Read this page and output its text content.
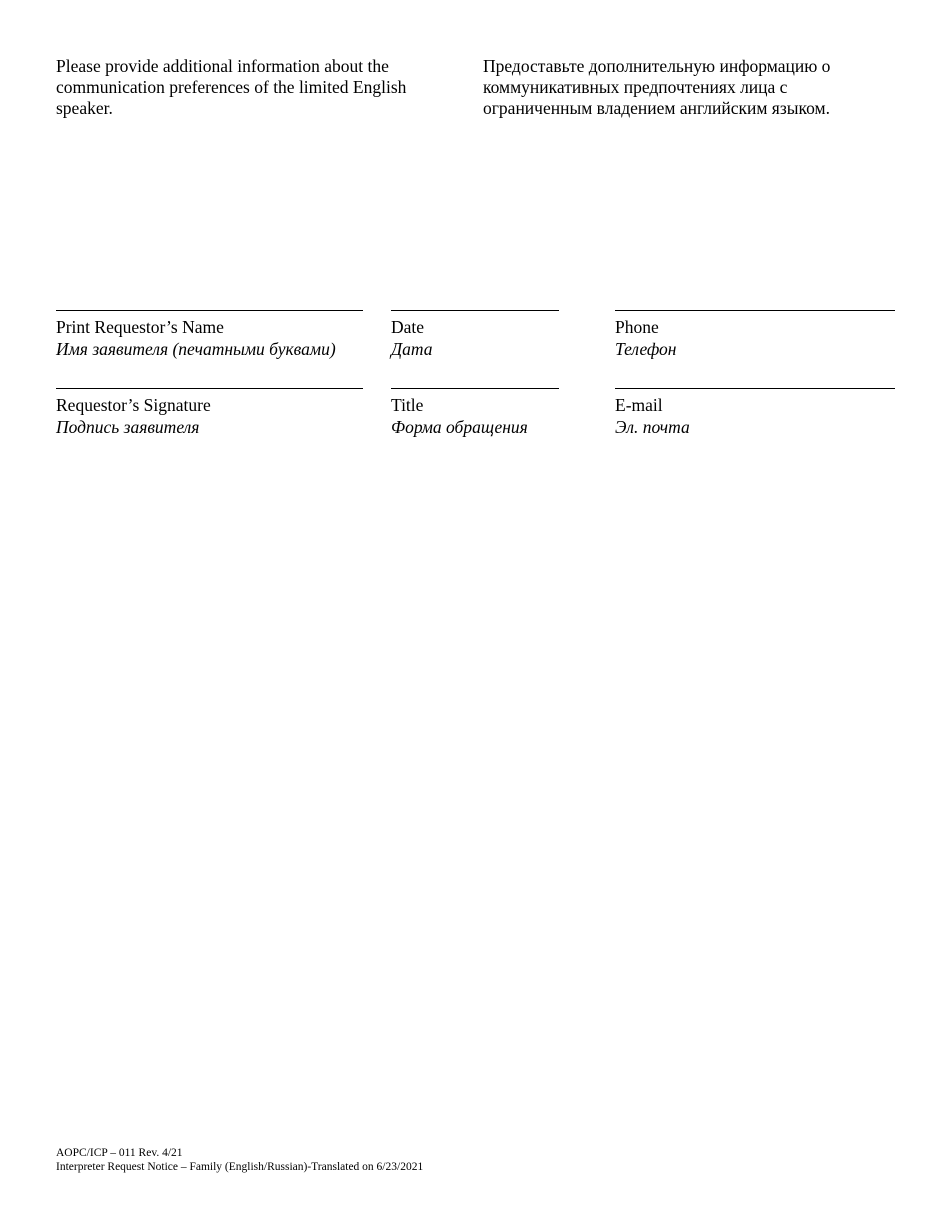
Please provide additional information about the communication preferences of the limited English speaker.
Предоставьте дополнительную информацию о коммуникативных предпочтениях лица с ограниченным владением английским языком.
Print Requestor’s Name
Имя заявителя (печатными буквами)
Date
Дата
Phone
Телефон
Requestor’s Signature
Подпись заявителя
Title
Форма обращения
E-mail
Эл. почта
AOPC/ICP – 011 Rev. 4/21
Interpreter Request Notice – Family (English/Russian)-Translated on 6/23/2021
